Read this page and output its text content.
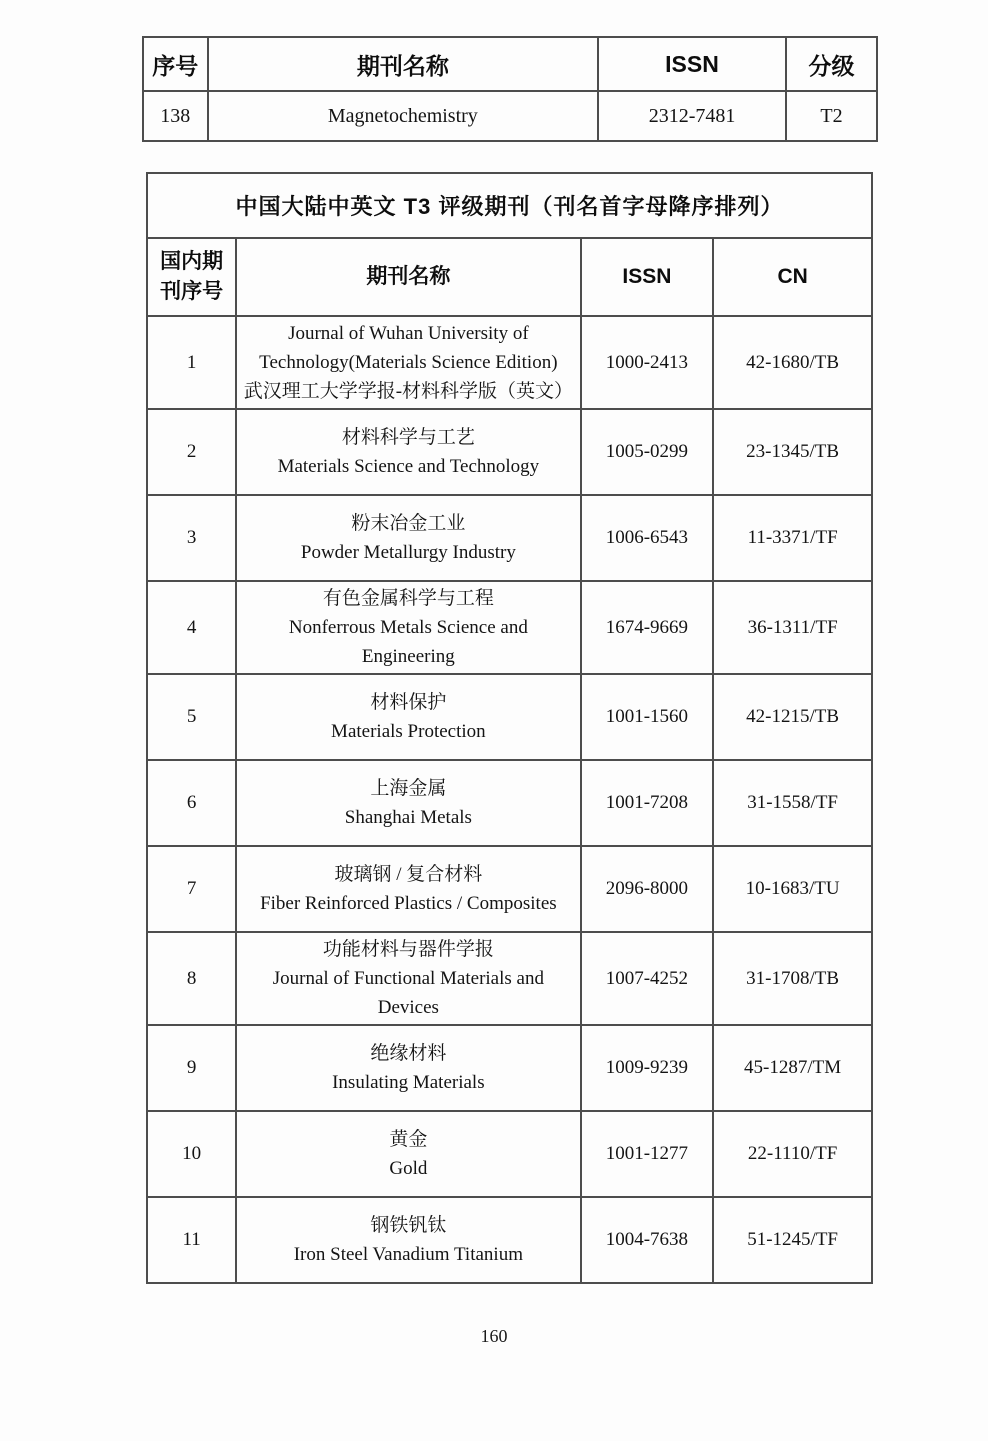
序号	期刊名称	ISSN	分级
138	Magnetochemistry	2312-7481	T2
中国大陆中英文 T3 评级期刊（刊名首字母降序排列）			

国内期
刊序号	期刊名称	ISSN	CN
1	Journal of Wuhan University of
Technology(Materials Science Edition)
武汉理工大学学报-材料科学版（英文）	1000-2413	42-1680/TB
2	材料科学与工艺
Materials Science and Technology	1005-0299	23-1345/TB
3	粉末冶金工业
Powder Metallurgy Industry	1006-6543	11-3371/TF
4	有色金属科学与工程
Nonferrous Metals Science and
Engineering	1674-9669	36-1311/TF
5	材料保护
Materials Protection	1001-1560	42-1215/TB
6	上海金属
Shanghai Metals	1001-7208	31-1558/TF
7	玻璃钢 / 复合材料
Fiber Reinforced Plastics / Composites	2096-8000	10-1683/TU
8	功能材料与器件学报
Journal of Functional Materials and
Devices	1007-4252	31-1708/TB
9	绝缘材料
Insulating Materials	1009-9239	45-1287/TM
10	黄金
Gold	1001-1277	22-1110/TF
11	钢铁钒钛
Iron Steel Vanadium Titanium	1004-7638	51-1245/TF
160
